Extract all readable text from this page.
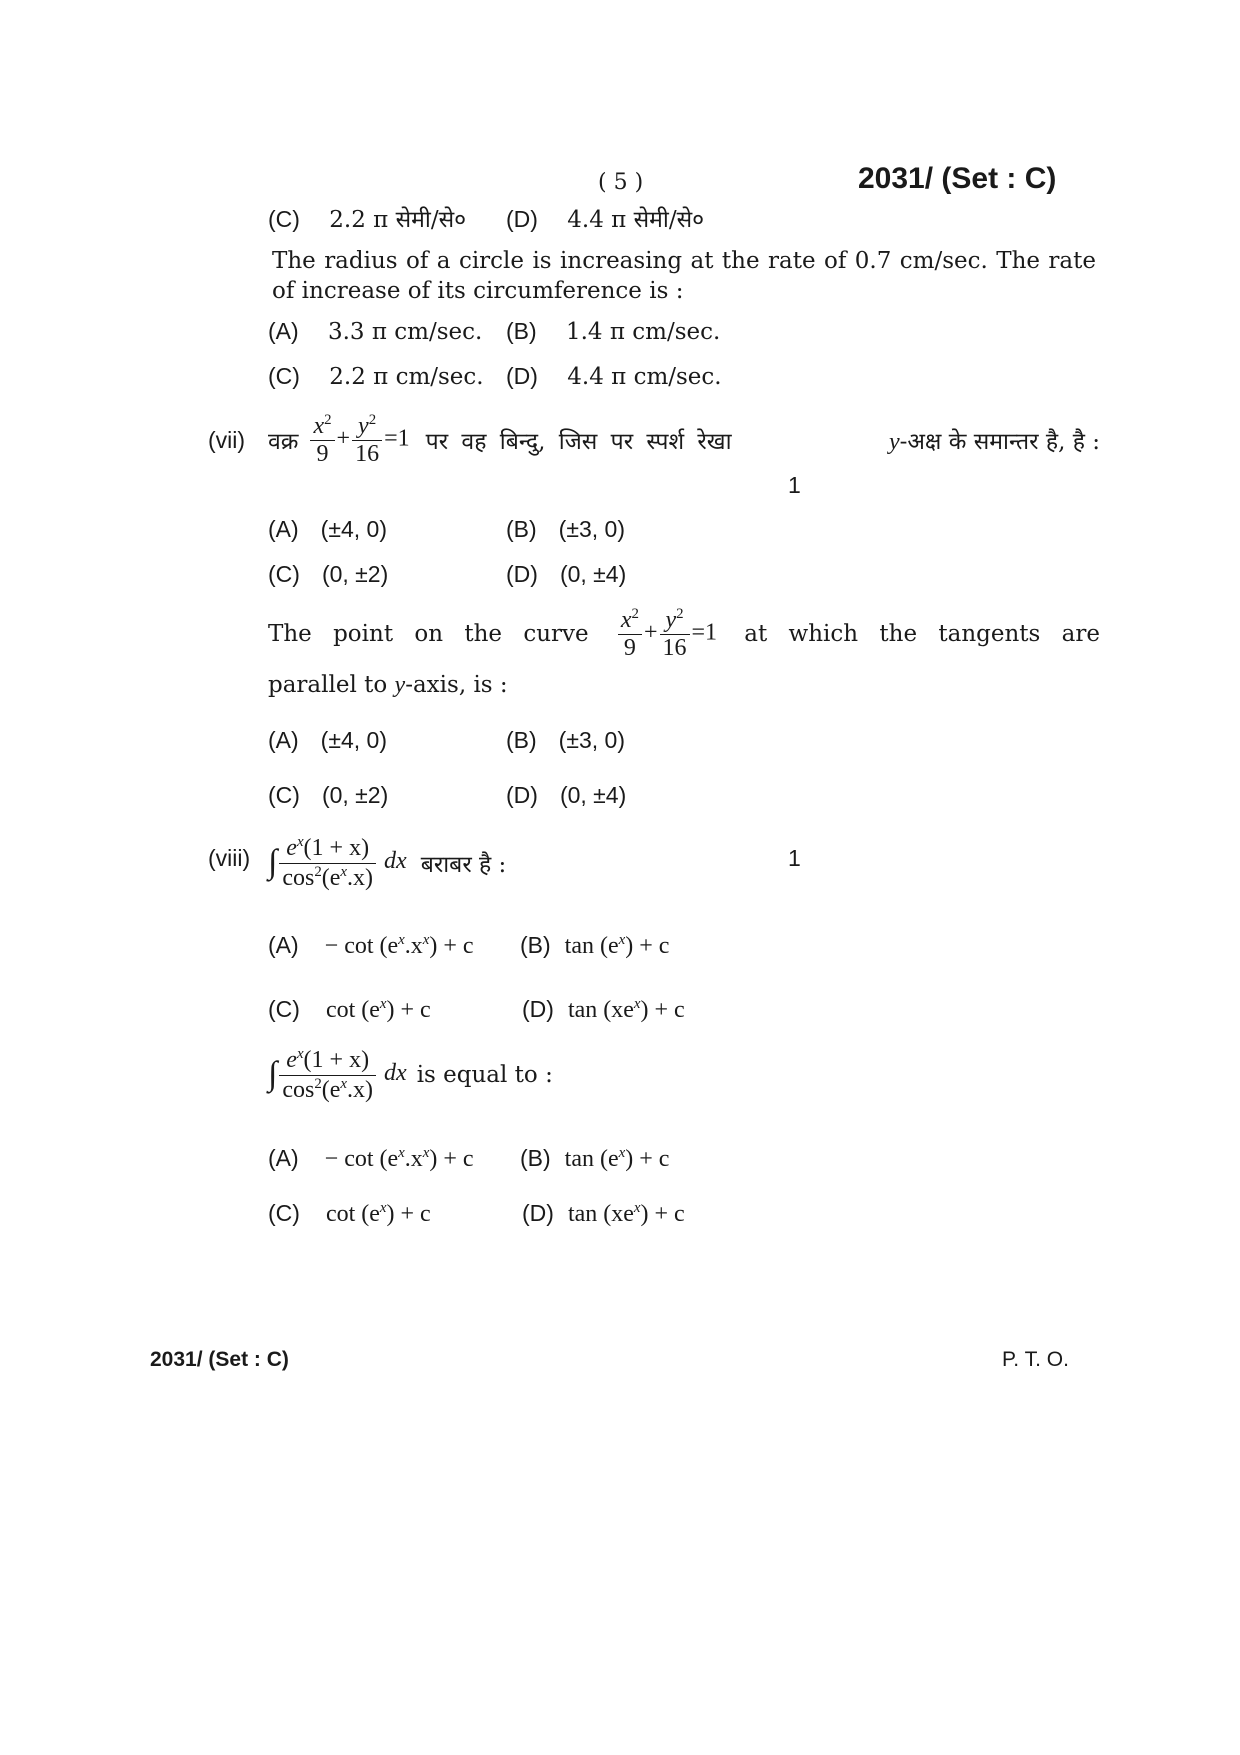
( 5 )	2031/ (Set : C)
(C) 2.2 π सेमी/से० (D) 4.4 π सेमी/से०
The radius of a circle is increasing at the rate of 0.7 cm/sec. The rate of increase of its circumference is :
(A) 3.3 π cm/sec. (B) 1.4 π cm/sec.
(C) 2.2 π cm/sec. (D) 4.4 π cm/sec.
(vii) वक्र $\frac{x^2}{9} + \frac{y^2}{16} =1$ पर वह बिन्दु, जिस पर स्पर्श रेखा	y-अक्ष के समान्तर है, है :
1
(A) (±4, 0)	(B) (±3, 0)
(C) (0, ±2)	(D) (0, ±4)
The point on the curve $\frac{x^2}{9} + \frac{y^2}{16} =1$ at which the tangents are
parallel to y-axis, is :
(A) (±4, 0)	(B) (±3, 0)
(C) (0, ±2)	(D) (0, ±4)
(viii) ∫ $\frac{e^x(1 + x)}{\cos^2(e^x.x)}$ dx बराबर है :	1
$(A) - \cot (e^x.x^x) + c$ (B) $\tan (e^x) + c$
(C) $\cot (e^x) + c$	(D) $\tan (xe^x) + c$
∫ $\frac{e^x(1 + x)}{\cos^2(e^x.x)}$ dx is equal to :
$(A) - \cot (e^x.x^x) + c$ (B) $\tan (e^x) + c$
(C) $\cot (e^x) + c$	(D) $\tan (xe^x) + c$
2031/ (Set : C)	P. T. O.
